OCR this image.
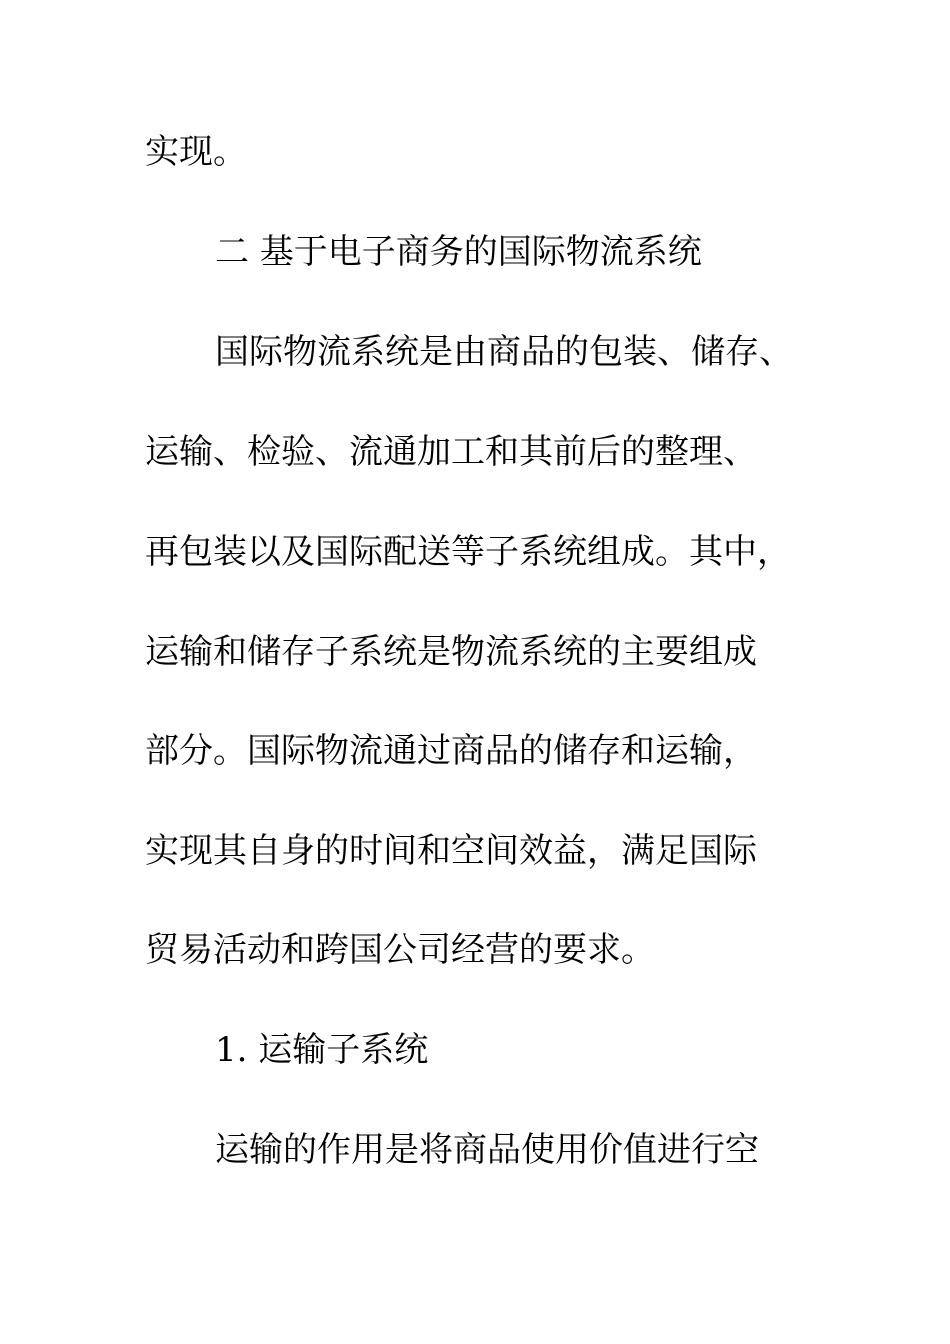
实现。
二 基于电子商务的国际物流系统
国际物流系统是由商品的包装、储存、
运输、检验、流通加工和其前后的整理、
再包装以及国际配送等子系统组成。其中，
运输和储存子系统是物流系统的主要组成
部分。国际物流通过商品的储存和运输，
实现其自身的时间和空间效益，满足国际
贸易活动和跨国公司经营的要求。
1. 运输子系统
运输的作用是将商品使用价值进行空
